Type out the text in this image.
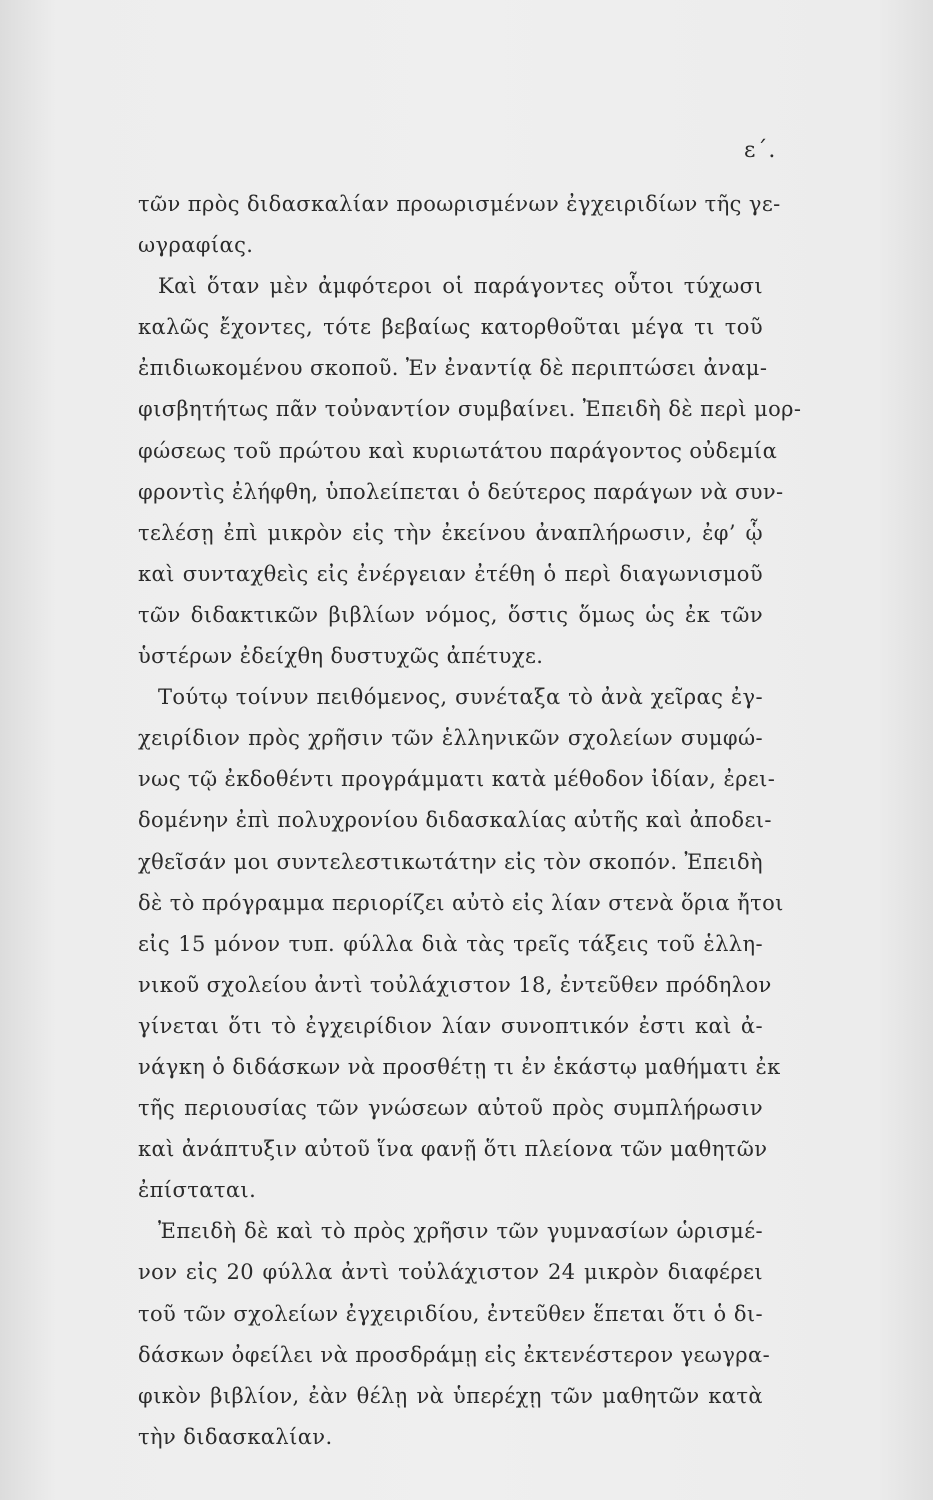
ε΄.
τῶν πρὸς διδασκαλίαν προωρισμένων ἐγχειριδίων τῆς γε-
ωγραφίας.
Καὶ ὅταν μὲν ἀμφότεροι οἱ παράγοντες οὗτοι τύχωσι
καλῶς ἔχοντες, τότε βεβαίως κατορθοῦται μέγα τι τοῦ
ἐπιδιωκομένου σκοποῦ. Ἐν ἐναντίᾳ δὲ περιπτώσει ἀναμ-
φισβητήτως πᾶν τοὐναντίον συμβαίνει. Ἐπειδὴ δὲ περὶ μορ-
φώσεως τοῦ πρώτου καὶ κυριωτάτου παράγοντος οὐδεμία
φροντὶς ἐλήφθη, ὑπολείπεται ὁ δεύτερος παράγων νὰ συν-
τελέσῃ ἐπὶ μικρὸν εἰς τὴν ἐκείνου ἀναπλήρωσιν, ἐφ’ ᾧ
καὶ συνταχθεὶς εἰς ἐνέργειαν ἐτέθη ὁ περὶ διαγωνισμοῦ
τῶν διδακτικῶν βιβλίων νόμος, ὅστις ὅμως ὡς ἐκ τῶν
ὑστέρων ἐδείχθη δυστυχῶς ἀπέτυχε.
Τούτῳ τοίνυν πειθόμενος, συνέταξα τὸ ἀνὰ χεῖρας ἐγ-
χειρίδιον πρὸς χρῆσιν τῶν ἑλληνικῶν σχολείων συμφώ-
νως τῷ ἐκδοθέντι προγράμματι κατὰ μέθοδον ἰδίαν, ἐρει-
δομένην ἐπὶ πολυχρονίου διδασκαλίας αὐτῆς καὶ ἀποδει-
χθεῖσάν μοι συντελεστικωτάτην εἰς τὸν σκοπόν. Ἐπειδὴ
δὲ τὸ πρόγραμμα περιορίζει αὐτὸ εἰς λίαν στενὰ ὅρια ἤτοι
εἰς 15 μόνον τυπ. φύλλα διὰ τὰς τρεῖς τάξεις τοῦ ἑλλη-
νικοῦ σχολείου ἀντὶ τοὐλάχιστον 18, ἐντεῦθεν πρόδηλον
γίνεται ὅτι τὸ ἐγχειρίδιον λίαν συνοπτικόν ἐστι καὶ ἀ-
νάγκη ὁ διδάσκων νὰ προσθέτῃ τι ἐν ἑκάστῳ μαθήματι ἐκ
τῆς περιουσίας τῶν γνώσεων αὐτοῦ πρὸς συμπλήρωσιν
καὶ ἀνάπτυξιν αὐτοῦ ἵνα φανῇ ὅτι πλείονα τῶν μαθητῶν
ἐπίσταται.
Ἐπειδὴ δὲ καὶ τὸ πρὸς χρῆσιν τῶν γυμνασίων ὡρισμέ-
νον εἰς 20 φύλλα ἀντὶ τοὐλάχιστον 24 μικρὸν διαφέρει
τοῦ τῶν σχολείων ἐγχειριδίου, ἐντεῦθεν ἕπεται ὅτι ὁ δι-
δάσκων ὀφείλει νὰ προσδράμῃ εἰς ἐκτενέστερον γεωγρα-
φικὸν βιβλίον, ἐὰν θέλῃ νὰ ὑπερέχῃ τῶν μαθητῶν κατὰ
τὴν διδασκαλίαν.
